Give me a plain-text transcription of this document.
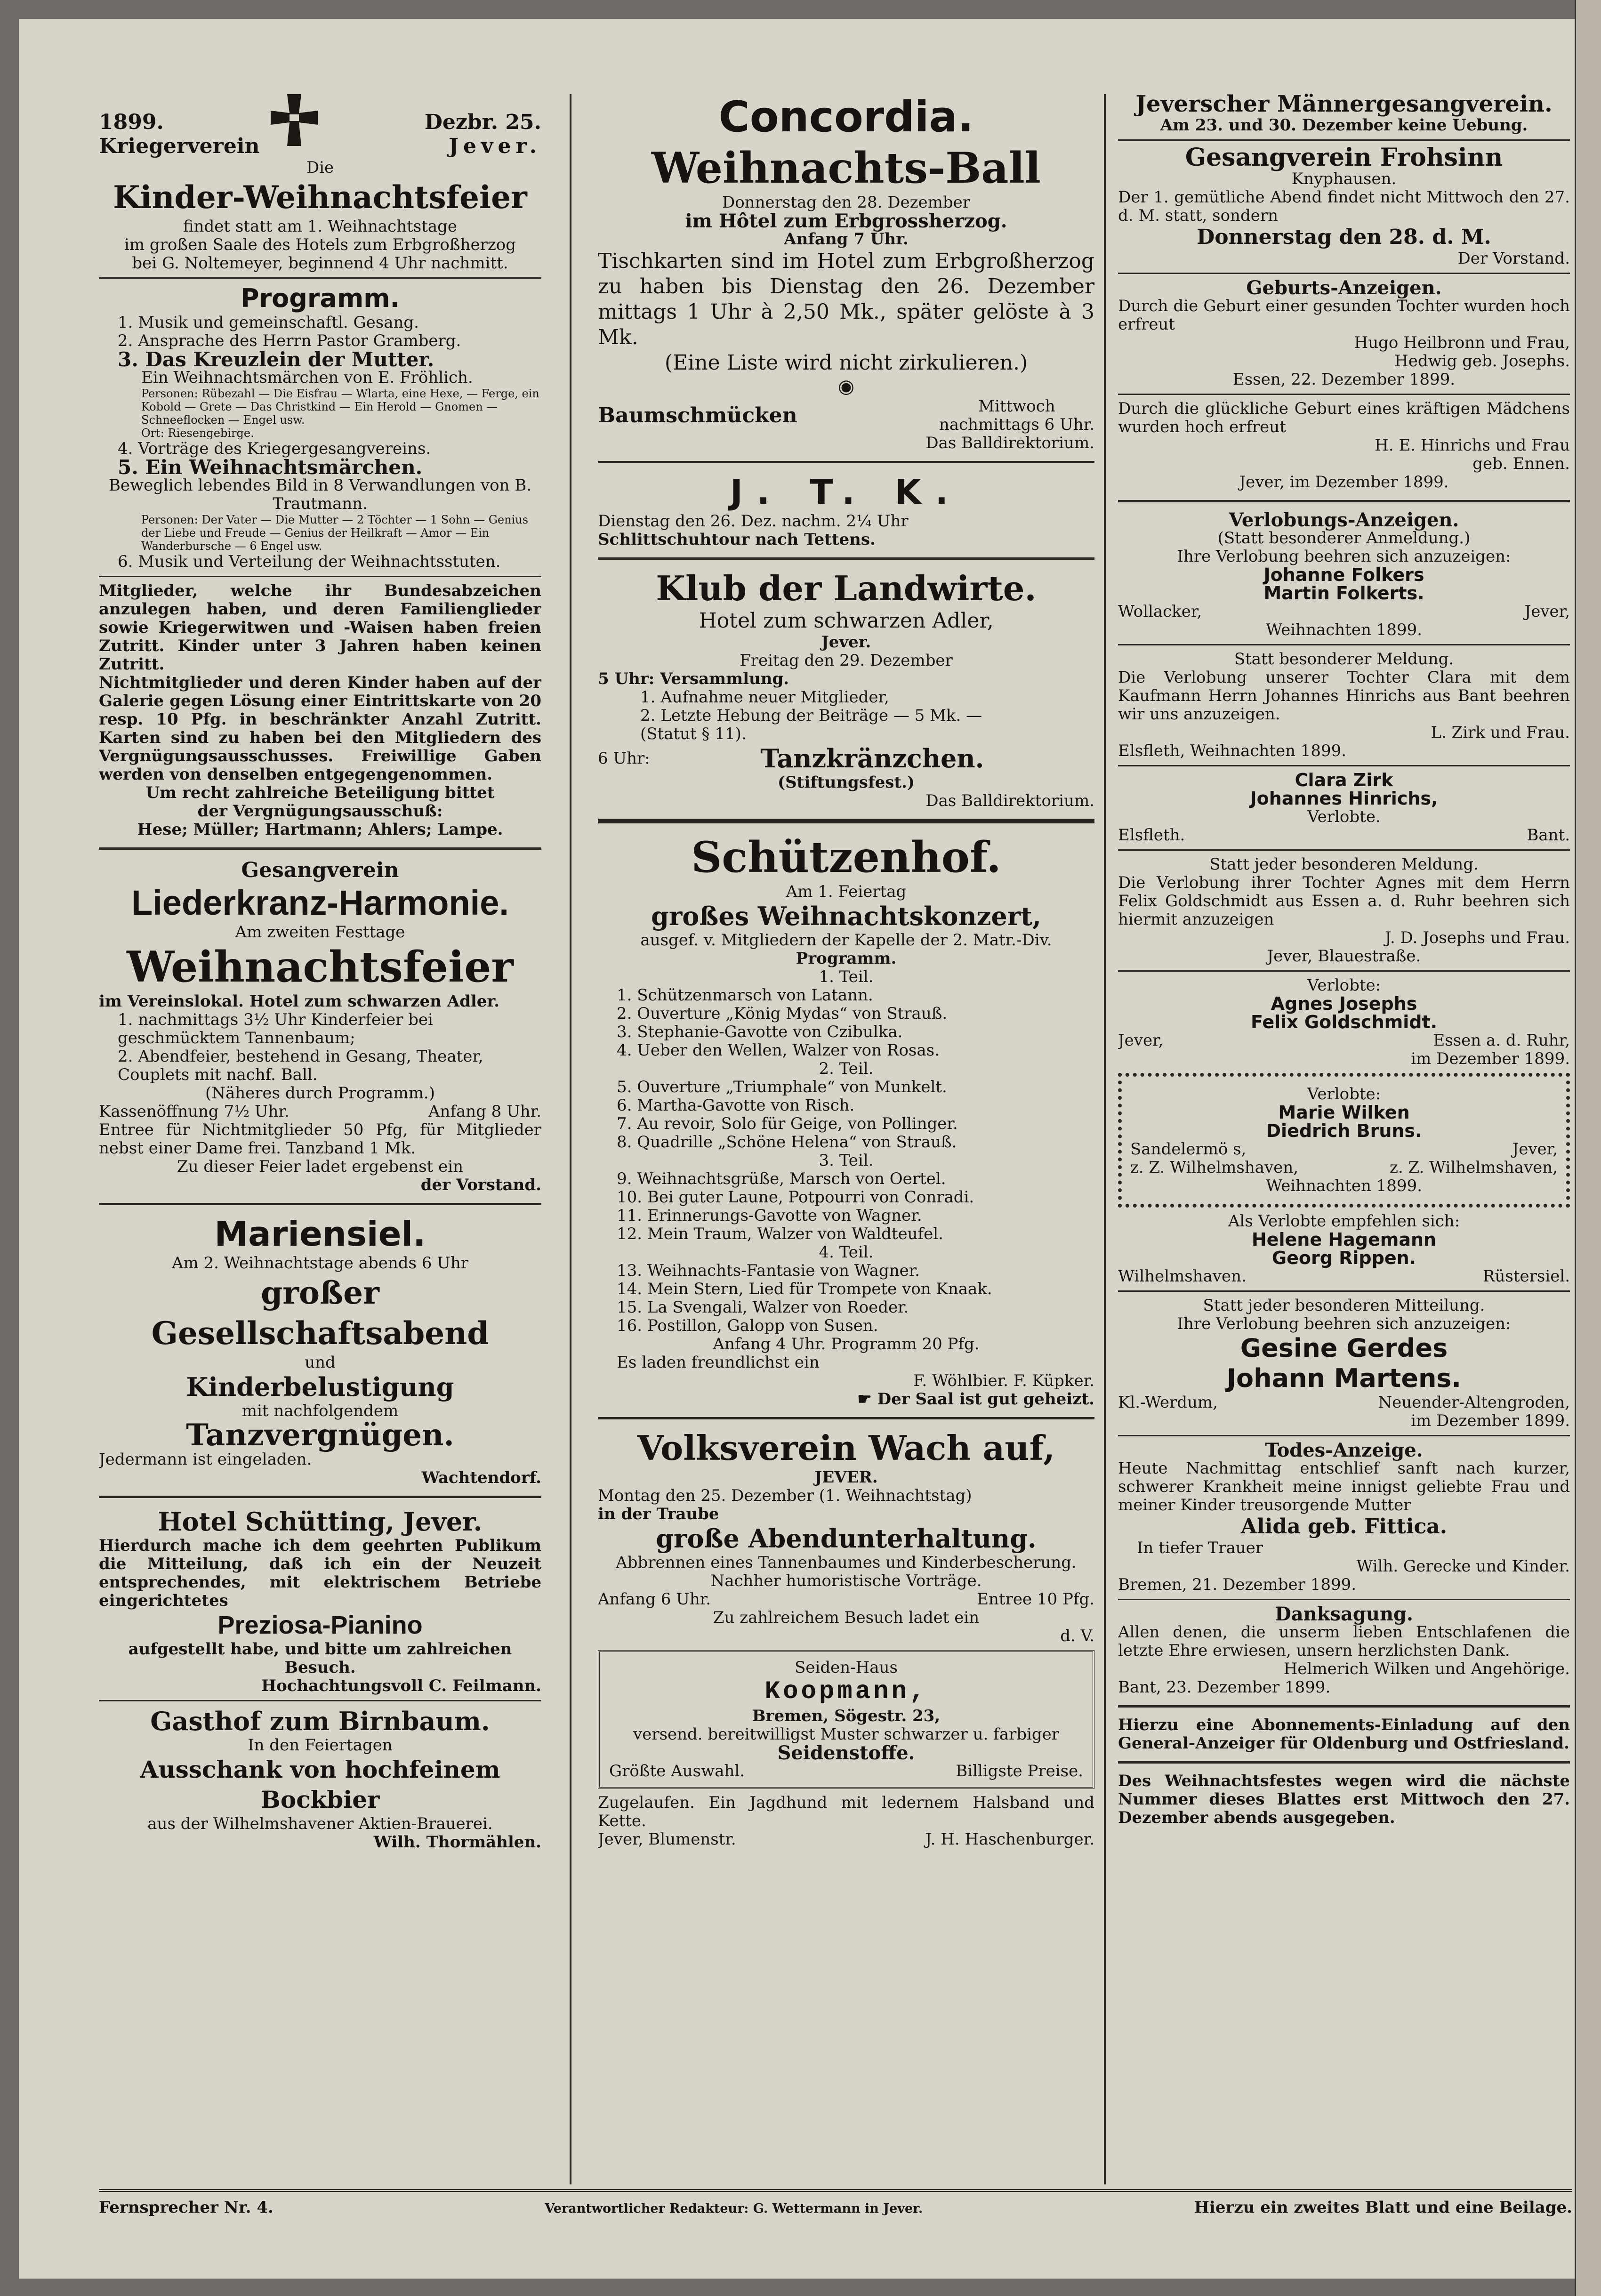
1899.	Dezbr. 25.
Kriegerverein	Jever.

Die

Kinder-Weihnachtsfeier

findet statt am 1. Weihnachtstage

im großen Saale des Hotels zum Erbgroßherzog

bei G. Noltemeyer, beginnend 4 Uhr nachmitt.

Programm.

1. Musik und gemeinschaftl. Gesang.

2. Ansprache des Herrn Pastor Gramberg.

3. Das Kreuzlein der Mutter.

Ein Weihnachtsmärchen von E. Fröhlich.

Personen: Rübezahl — Die Eisfrau — Wlarta, eine Hexe, — Ferge, ein Kobold — Grete — Das Christkind — Ein Herold — Gnomen — Schneeflocken — Engel usw.

Ort: Riesengebirge.

4. Vorträge des Kriegergesangvereins.

5. Ein Weihnachtsmärchen.

Beweglich lebendes Bild in 8 Verwandlungen von B. Trautmann.

Personen: Der Vater — Die Mutter — 2 Töchter — 1 Sohn — Genius der Liebe und Freude — Genius der Heilkraft — Amor — Ein Wanderbursche — 6 Engel usw.

6. Musik und Verteilung der Weihnachtsstuten.

Mitglieder, welche ihr Bundesabzeichen anzulegen haben, und deren Familienglieder sowie Kriegerwitwen und -Waisen haben freien Zutritt. Kinder unter 3 Jahren haben keinen Zutritt.

Nichtmitglieder und deren Kinder haben auf der Galerie gegen Lösung einer Eintrittskarte von 20 resp. 10 Pfg. in beschränkter Anzahl Zutritt. Karten sind zu haben bei den Mitgliedern des Vergnügungsausschusses. Freiwillige Gaben werden von denselben entgegengenommen.

Um recht zahlreiche Beteiligung bittet

der Vergnügungsausschuß:

Hese; Müller; Hartmann; Ahlers; Lampe.

Gesangverein

Liederkranz-Harmonie.

Am zweiten Festtage

Weihnachtsfeier

im Vereinslokal. Hotel zum schwarzen Adler.

1. nachmittags 3½ Uhr Kinderfeier bei geschmücktem Tannenbaum;

2. Abendfeier, bestehend in Gesang, Theater, Couplets mit nachf. Ball.

(Näheres durch Programm.)

Kassenöffnung 7½ Uhr.	Anfang 8 Uhr.

Entree für Nichtmitglieder 50 Pfg, für Mitglieder nebst einer Dame frei. Tanzband 1 Mk.

Zu dieser Feier ladet ergebenst ein

der Vorstand.

Mariensiel.

Am 2. Weihnachtstage abends 6 Uhr

großer Gesellschaftsabend

und

Kinderbelustigung

mit nachfolgendem

Tanzvergnügen.

Jedermann ist eingeladen.

Wachtendorf.

Hotel Schütting, Jever.

Hierdurch mache ich dem geehrten Publikum die Mitteilung, daß ich ein der Neuzeit entsprechendes, mit elektrischem Betriebe eingerichtetes

Preziosa-Pianino

aufgestellt habe, und bitte um zahlreichen Besuch.

Hochachtungsvoll C. Feilmann.

Gasthof zum Birnbaum.

In den Feiertagen

Ausschank von hochfeinem Bockbier

aus der Wilhelmshavener Aktien-Brauerei.

Wilh. Thormählen.

Concordia.

Weihnachts-Ball

Donnerstag den 28. Dezember

im Hôtel zum Erbgrossherzog.

Anfang 7 Uhr.

Tischkarten sind im Hotel zum Erbgroßherzog zu haben bis Dienstag den 26. Dezember mittags 1 Uhr à 2,50 Mk., später gelöste à 3 Mk.

(Eine Liste wird nicht zirkulieren.)

◉
Baumschmücken	Mittwoch
nachmittags 6 Uhr.

Das Balldirektorium.

J. T. K.

Dienstag den 26. Dez. nachm. 2¼ Uhr

Schlittschuhtour nach Tettens.

Klub der Landwirte.

Hotel zum schwarzen Adler,

Jever.

Freitag den 29. Dezember

5 Uhr: Versammlung.

1. Aufnahme neuer Mitglieder,

2. Letzte Hebung der Beiträge — 5 Mk. —

(Statut § 11).

6 Uhr:	Tanzkränzchen.

(Stiftungsfest.)

Das Balldirektorium.

Schützenhof.

Am 1. Feiertag

großes Weihnachtskonzert,

ausgef. v. Mitgliedern der Kapelle der 2. Matr.-Div.

Programm.

1. Teil.

1. Schützenmarsch von Latann.

2. Ouverture „König Mydas“ von Strauß.

3. Stephanie-Gavotte von Czibulka.

4. Ueber den Wellen, Walzer von Rosas.

2. Teil.

5. Ouverture „Triumphale“ von Munkelt.

6. Martha-Gavotte von Risch.

7. Au revoir, Solo für Geige, von Pollinger.

8. Quadrille „Schöne Helena“ von Strauß.

3. Teil.

9. Weihnachtsgrüße, Marsch von Oertel.

10. Bei guter Laune, Potpourri von Conradi.

11. Erinnerungs-Gavotte von Wagner.

12. Mein Traum, Walzer von Waldteufel.

4. Teil.

13. Weihnachts-Fantasie von Wagner.

14. Mein Stern, Lied für Trompete von Knaak.

15. La Svengali, Walzer von Roeder.

16. Postillon, Galopp von Susen.

Anfang 4 Uhr. Programm 20 Pfg.

Es laden freundlichst ein

F. Wöhlbier. F. Küpker.

☛ Der Saal ist gut geheizt.

Volksverein Wach auf,

JEVER.

Montag den 25. Dezember (1. Weihnachtstag)

in der Traube

große Abendunterhaltung.

Abbrennen eines Tannenbaumes und Kinderbescherung. Nachher humoristische Vorträge.

Anfang 6 Uhr.	Entree 10 Pfg.

Zu zahlreichem Besuch ladet ein

d. V.

Seiden-Haus

Koopmann,

Bremen, Sögestr. 23,

versend. bereitwilligst Muster schwarzer u. farbiger

Seidenstoffe.

Größte Auswahl.	Billigste Preise.

Zugelaufen. Ein Jagdhund mit ledernem Halsband und Kette.

Jever, Blumenstr.	J. H. Haschenburger.

Jeverscher Männergesangverein.

Am 23. und 30. Dezember keine Uebung.

Gesangverein Frohsinn

Knyphausen.

Der 1. gemütliche Abend findet nicht Mittwoch den 27. d. M. statt, sondern

Donnerstag den 28. d. M.

Der Vorstand.

Geburts-Anzeigen.

Durch die Geburt einer gesunden Tochter wurden hoch erfreut

Hugo Heilbronn und Frau,

Hedwig geb. Josephs.

Essen, 22. Dezember 1899.

Durch die glückliche Geburt eines kräftigen Mädchens wurden hoch erfreut

H. E. Hinrichs und Frau

geb. Ennen.

Jever, im Dezember 1899.

Verlobungs-Anzeigen.

(Statt besonderer Anmeldung.)

Ihre Verlobung beehren sich anzuzeigen:

Johanne Folkers

Martin Folkerts.

Wollacker,	Jever,

Weihnachten 1899.

Statt besonderer Meldung.

Die Verlobung unserer Tochter Clara mit dem Kaufmann Herrn Johannes Hinrichs aus Bant beehren wir uns anzuzeigen.

L. Zirk und Frau.

Elsfleth, Weihnachten 1899.

Clara Zirk

Johannes Hinrichs,

Verlobte.

Elsfleth.	Bant.

Statt jeder besonderen Meldung.

Die Verlobung ihrer Tochter Agnes mit dem Herrn Felix Goldschmidt aus Essen a. d. Ruhr beehren sich hiermit anzuzeigen

J. D. Josephs und Frau.

Jever, Blauestraße.

Verlobte:

Agnes Josephs

Felix Goldschmidt.

Jever,	Essen a. d. Ruhr,

im Dezember 1899.

Verlobte:

Marie Wilken

Diedrich Bruns.

Sandelermö s,	Jever,
z. Z. Wilhelmshaven,	z. Z. Wilhelmshaven,

Weihnachten 1899.

Als Verlobte empfehlen sich:

Helene Hagemann

Georg Rippen.

Wilhelmshaven.	Rüstersiel.

Statt jeder besonderen Mitteilung.

Ihre Verlobung beehren sich anzuzeigen:

Gesine Gerdes

Johann Martens.

Kl.-Werdum,	Neuender-Altengroden,

im Dezember 1899.

Todes-Anzeige.

Heute Nachmittag entschlief sanft nach kurzer, schwerer Krankheit meine innigst geliebte Frau und meiner Kinder treusorgende Mutter

Alida geb. Fittica.

In tiefer Trauer

Wilh. Gerecke und Kinder.

Bremen, 21. Dezember 1899.

Danksagung.

Allen denen, die unserm lieben Entschlafenen die letzte Ehre erwiesen, unsern herzlichsten Dank.

Helmerich Wilken und Angehörige.

Bant, 23. Dezember 1899.

Hierzu eine Abonnements-Einladung auf den General-Anzeiger für Oldenburg und Ostfriesland.

Des Weihnachtsfestes wegen wird die nächste Nummer dieses Blattes erst Mittwoch den 27. Dezember abends ausgegeben.

Fernsprecher Nr. 4.	Verantwortlicher Redakteur: G. Wettermann in Jever.	Hierzu ein zweites Blatt und eine Beilage.
